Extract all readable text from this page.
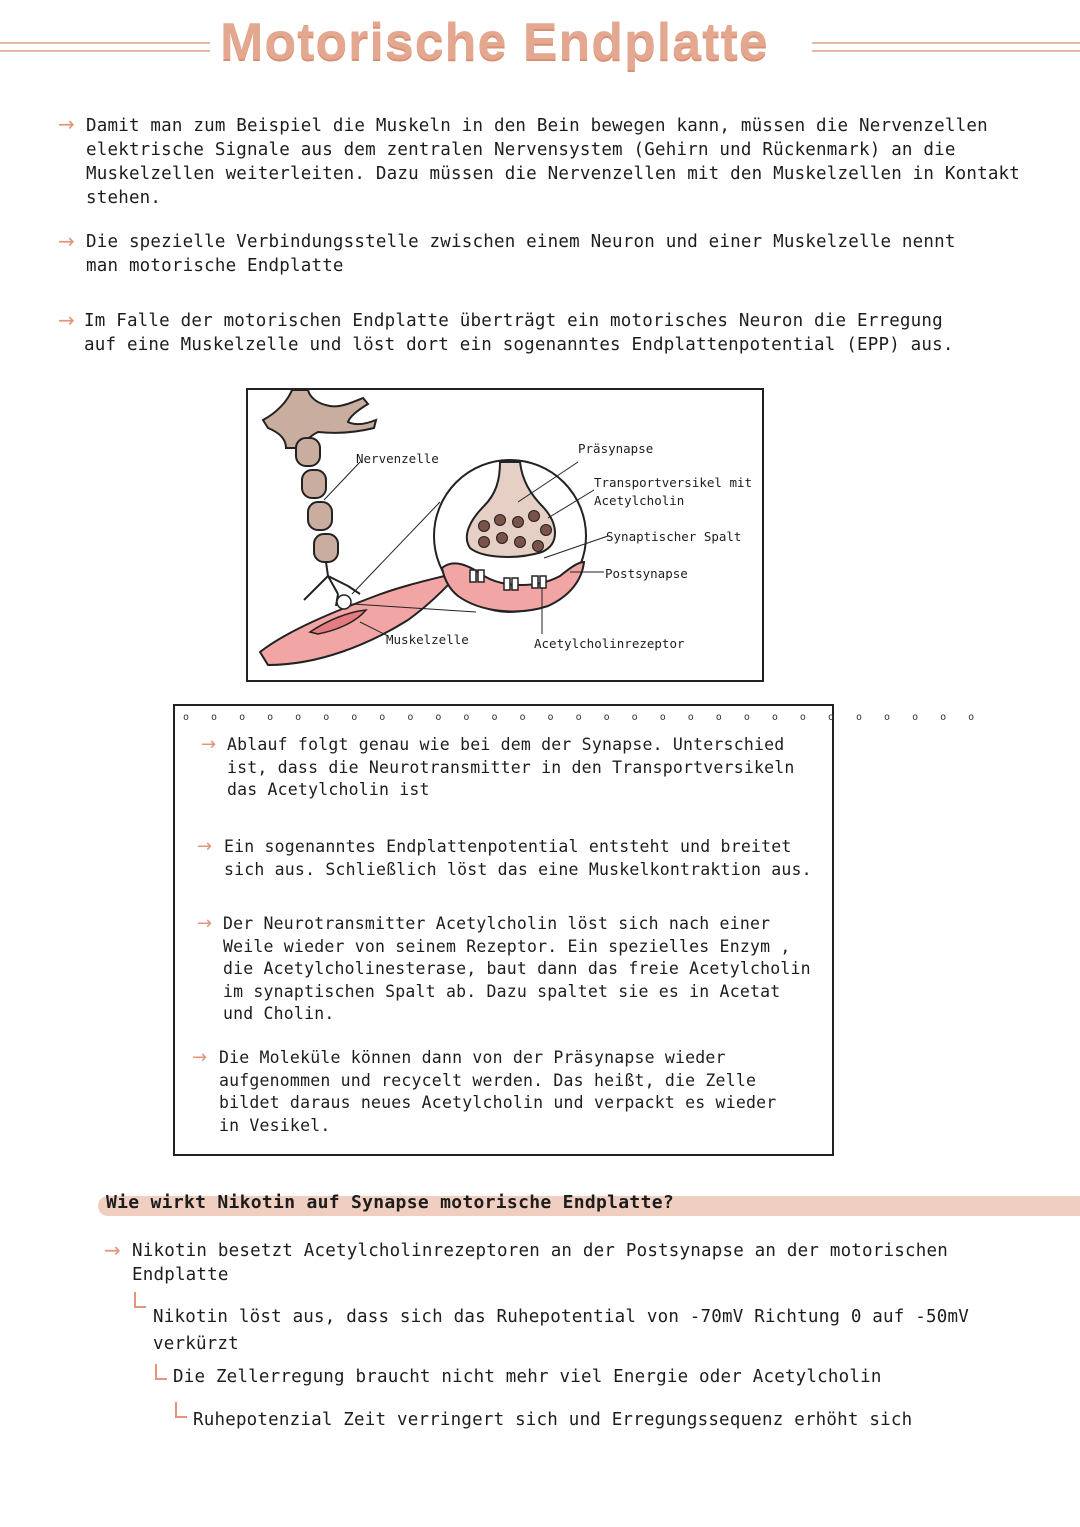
Motorische Endplatte
→ Damit man zum Beispiel die Muskeln in den Bein bewegen kann, müssen die Nervenzellen
elektrische Signale aus dem zentralen Nervensystem (Gehirn und Rückenmark) an die
Muskelzellen weiterleiten. Dazu müssen die Nervenzellen mit den Muskelzellen in Kontakt
stehen.
→ Die spezielle Verbindungsstelle zwischen einem Neuron und einer Muskelzelle nennt
man motorische Endplatte
→ Im Falle der motorischen Endplatte überträgt ein motorisches Neuron die Erregung
auf eine Muskelzelle und löst dort ein sogenanntes Endplattenpotential (EPP) aus.
Nervenzelle
Präsynapse
Transportversikel mit
Acetylcholin
Synaptischer Spalt
Postsynapse
Muskelzelle	Acetylcholinrezeptor
o o o o o o o o o o o o o o o o o o o o o o o o o o o o o
→ Ablauf folgt genau wie bei dem der Synapse. Unterschied
ist, dass die Neurotransmitter in den Transportversikeln
das Acetylcholin ist
→ Ein sogenanntes Endplattenpotential entsteht und breitet
sich aus. Schließlich löst das eine Muskelkontraktion aus.
→ Der Neurotransmitter Acetylcholin löst sich nach einer
Weile wieder von seinem Rezeptor. Ein spezielles Enzym ,
die Acetylcholinesterase, baut dann das freie Acetylcholin
im synaptischen Spalt ab. Dazu spaltet sie es in Acetat
und Cholin.
→ Die Moleküle können dann von der Präsynapse wieder
aufgenommen und recycelt werden. Das heißt, die Zelle
bildet daraus neues Acetylcholin und verpackt es wieder
in Vesikel.
Wie wirkt Nikotin auf Synapse motorische Endplatte?
→ Nikotin besetzt Acetylcholinrezeptoren an der Postsynapse an der motorischen
Endplatte
Nikotin löst aus, dass sich das Ruhepotential von -70mV Richtung 0 auf -50mV
verkürzt
Die Zellerregung braucht nicht mehr viel Energie oder Acetylcholin
Ruhepotenzial Zeit verringert sich und Erregungssequenz erhöht sich
